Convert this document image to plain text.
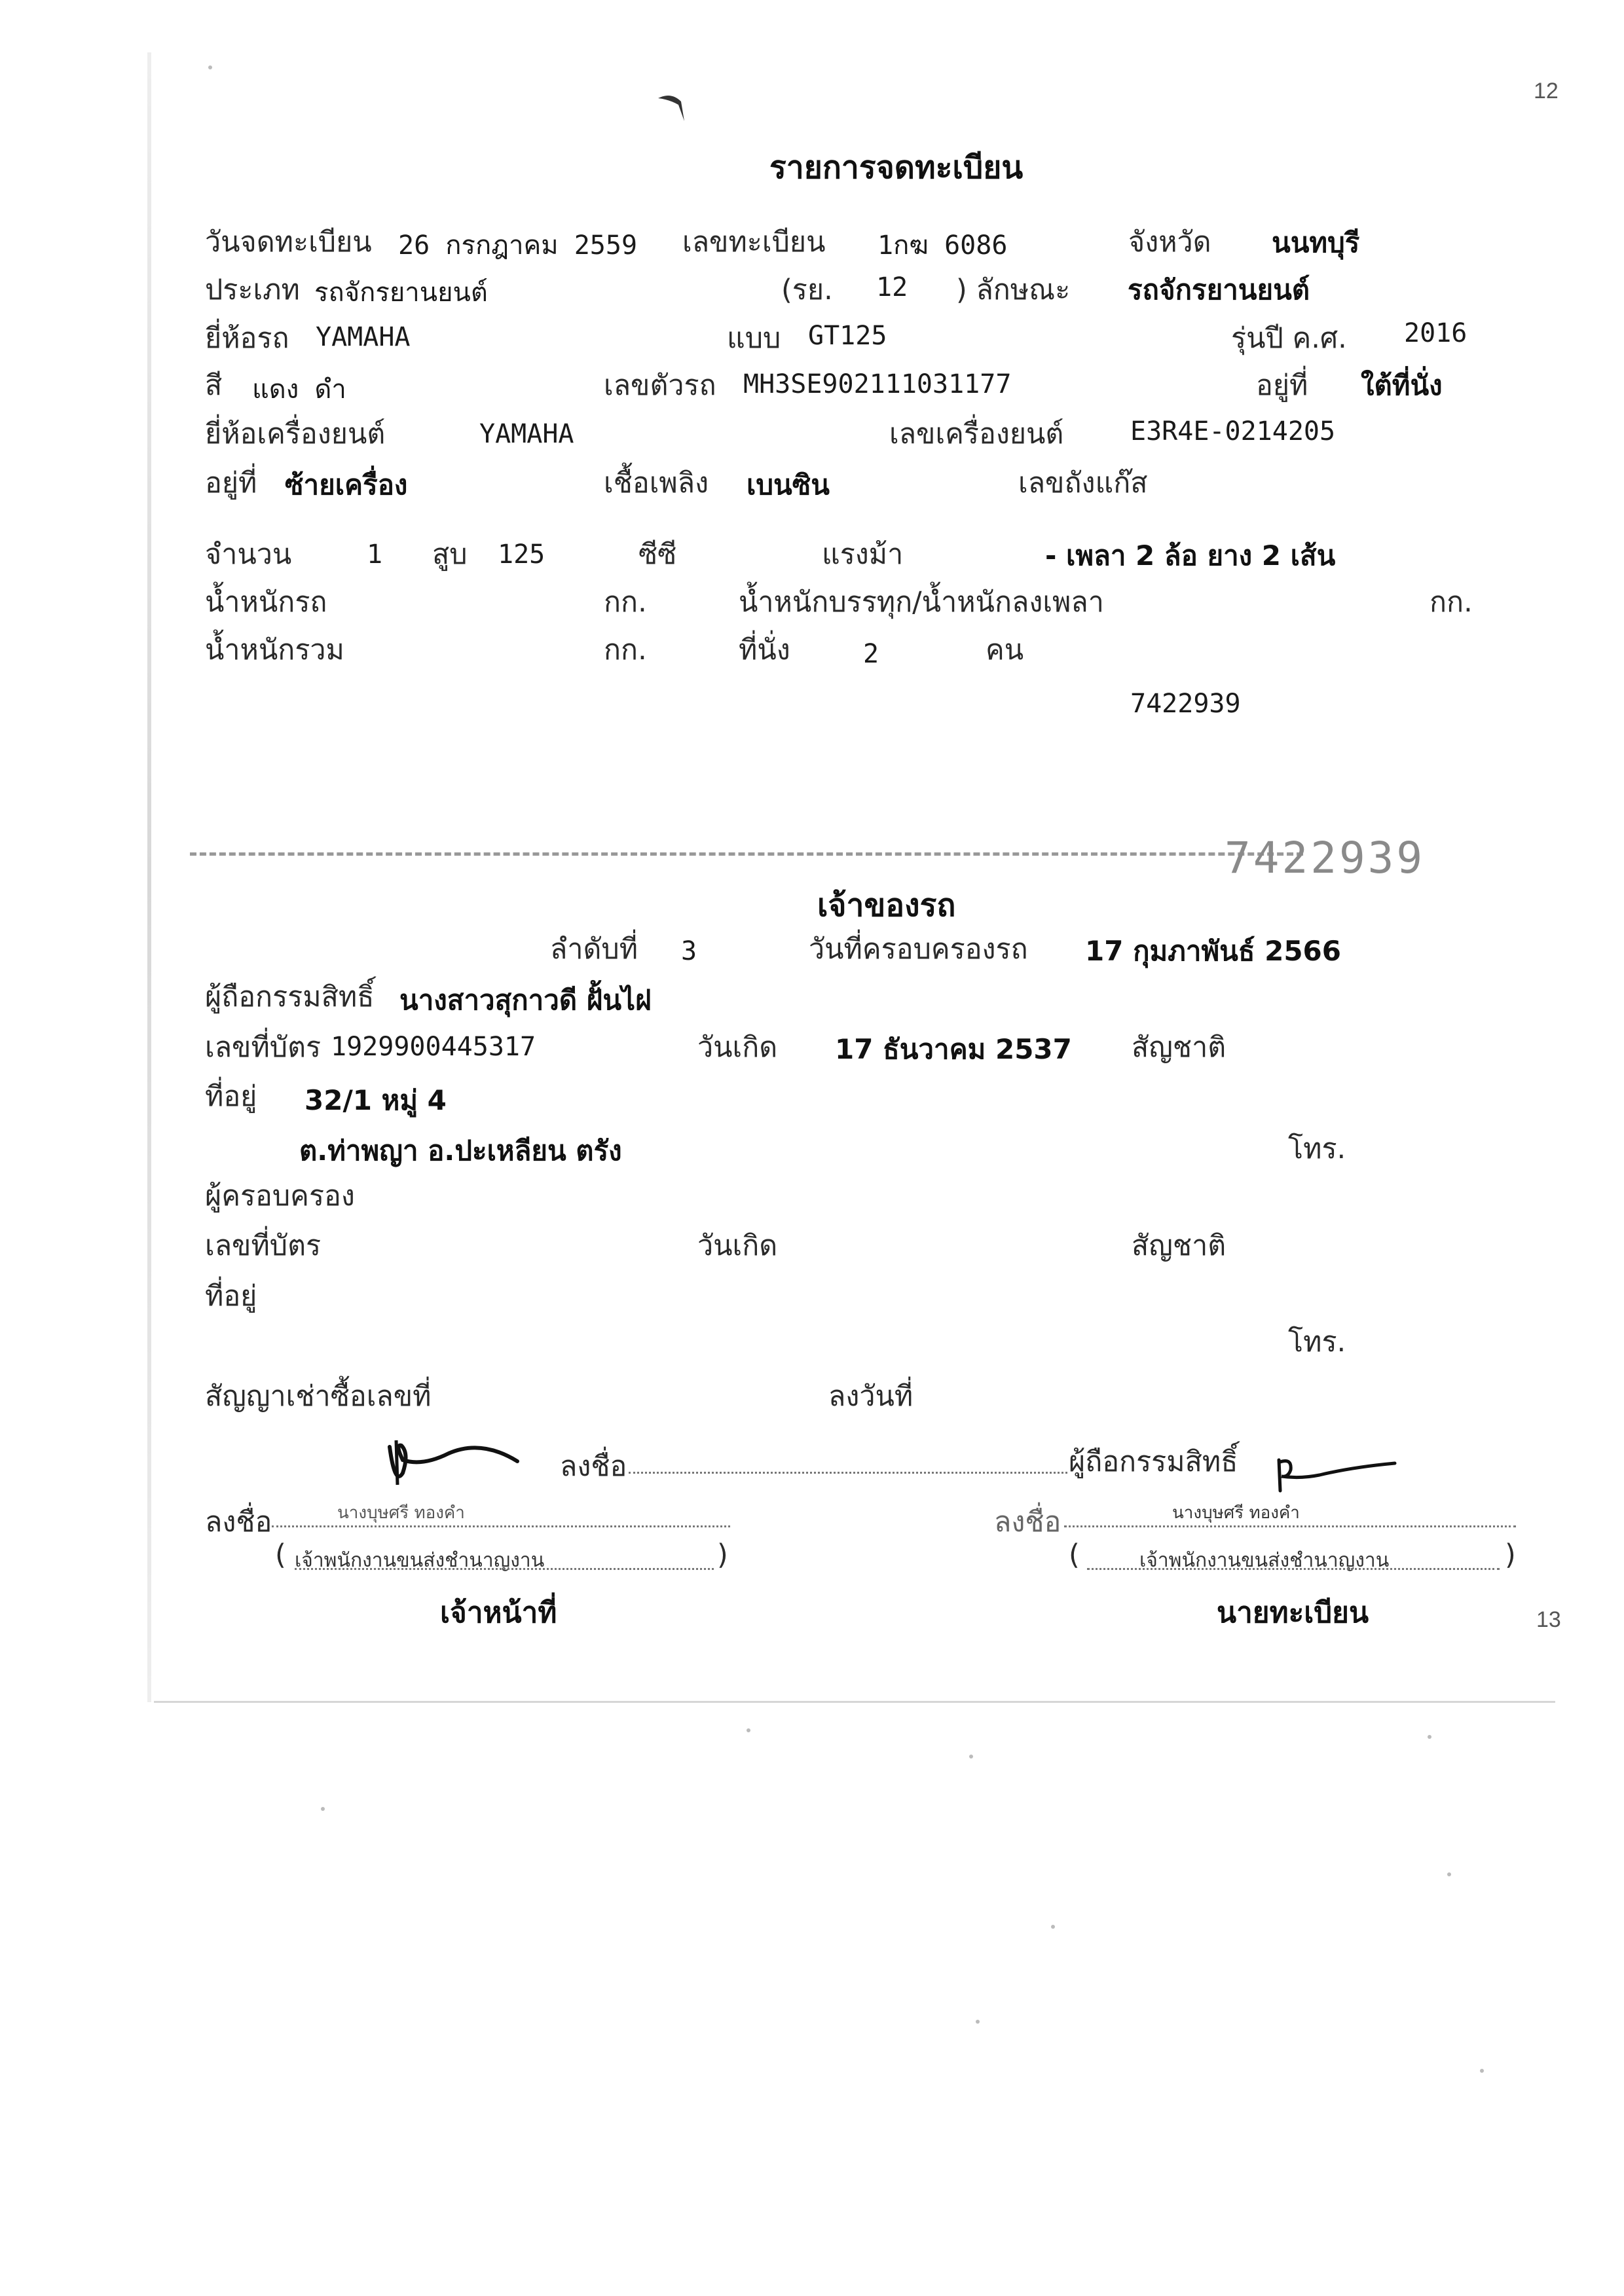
12
13
รายการจดทะเบียน
วันจดทะเบียน 26 กรกฎาคม 2559 เลขทะเบียน 1กฆ 6086	จังหวัด นนทบุรี
ประเภท รถจักรยานยนต์	(รย. 12 ) ลักษณะ รถจักรยานยนต์
ยี่ห้อรถ YAMAHA	แบบ GT125	รุ่นปี ค.ศ. 2016
สี แดง ดำ	เลขตัวรถ MH3SE902111031177	อยู่ที่ ใต้ที่นั่ง
ยี่ห้อเครื่องยนต์	YAMAHA	เลขเครื่องยนต์	E3R4E-0214205
อยู่ที่ ซ้ายเครื่อง	เชื้อเพลิง เบนซิน	เลขถังแก๊ส
จำนวน	1 สูบ 125	ซีซี	แรงม้า	- เพลา 2 ล้อ ยาง 2 เส้น
น้ำหนักรถ	กก.	น้ำหนักบรรทุก/น้ำหนักลงเพลา	กก.
น้ำหนักรวม	กก.	ที่นั่ง	2	คน
7422939
7422939
เจ้าของรถ
ลำดับที่ 3	วันที่ครอบครองรถ 17 กุมภาพันธ์ 2566
ผู้ถือกรรมสิทธิ์ นางสาวสุกาวดี ฝั้นไฝ
เลขที่บัตร 1929900445317	วันเกิด 17 ธันวาคม 2537 สัญชาติ
ที่อยู่ 32/1 หมู่ 4
ต.ท่าพญา อ.ปะเหลียน ตรัง	โทร.
ผู้ครอบครอง
เลขที่บัตร	วันเกิด	สัญชาติ
ที่อยู่
โทร.
สัญญาเช่าซื้อเลขที่	ลงวันที่
ลงชื่อ	ผู้ถือกรรมสิทธิ์
ลงชื่อ	นางบุษศรี ทองคำ
( เจ้าพนักงานขนส่งชำนาญงาน	)
เจ้าหน้าที่
ลงชื่อ	นางบุษศรี ทองคำ
(	เจ้าพนักงานขนส่งชำนาญงาน	)
นายทะเบียน
